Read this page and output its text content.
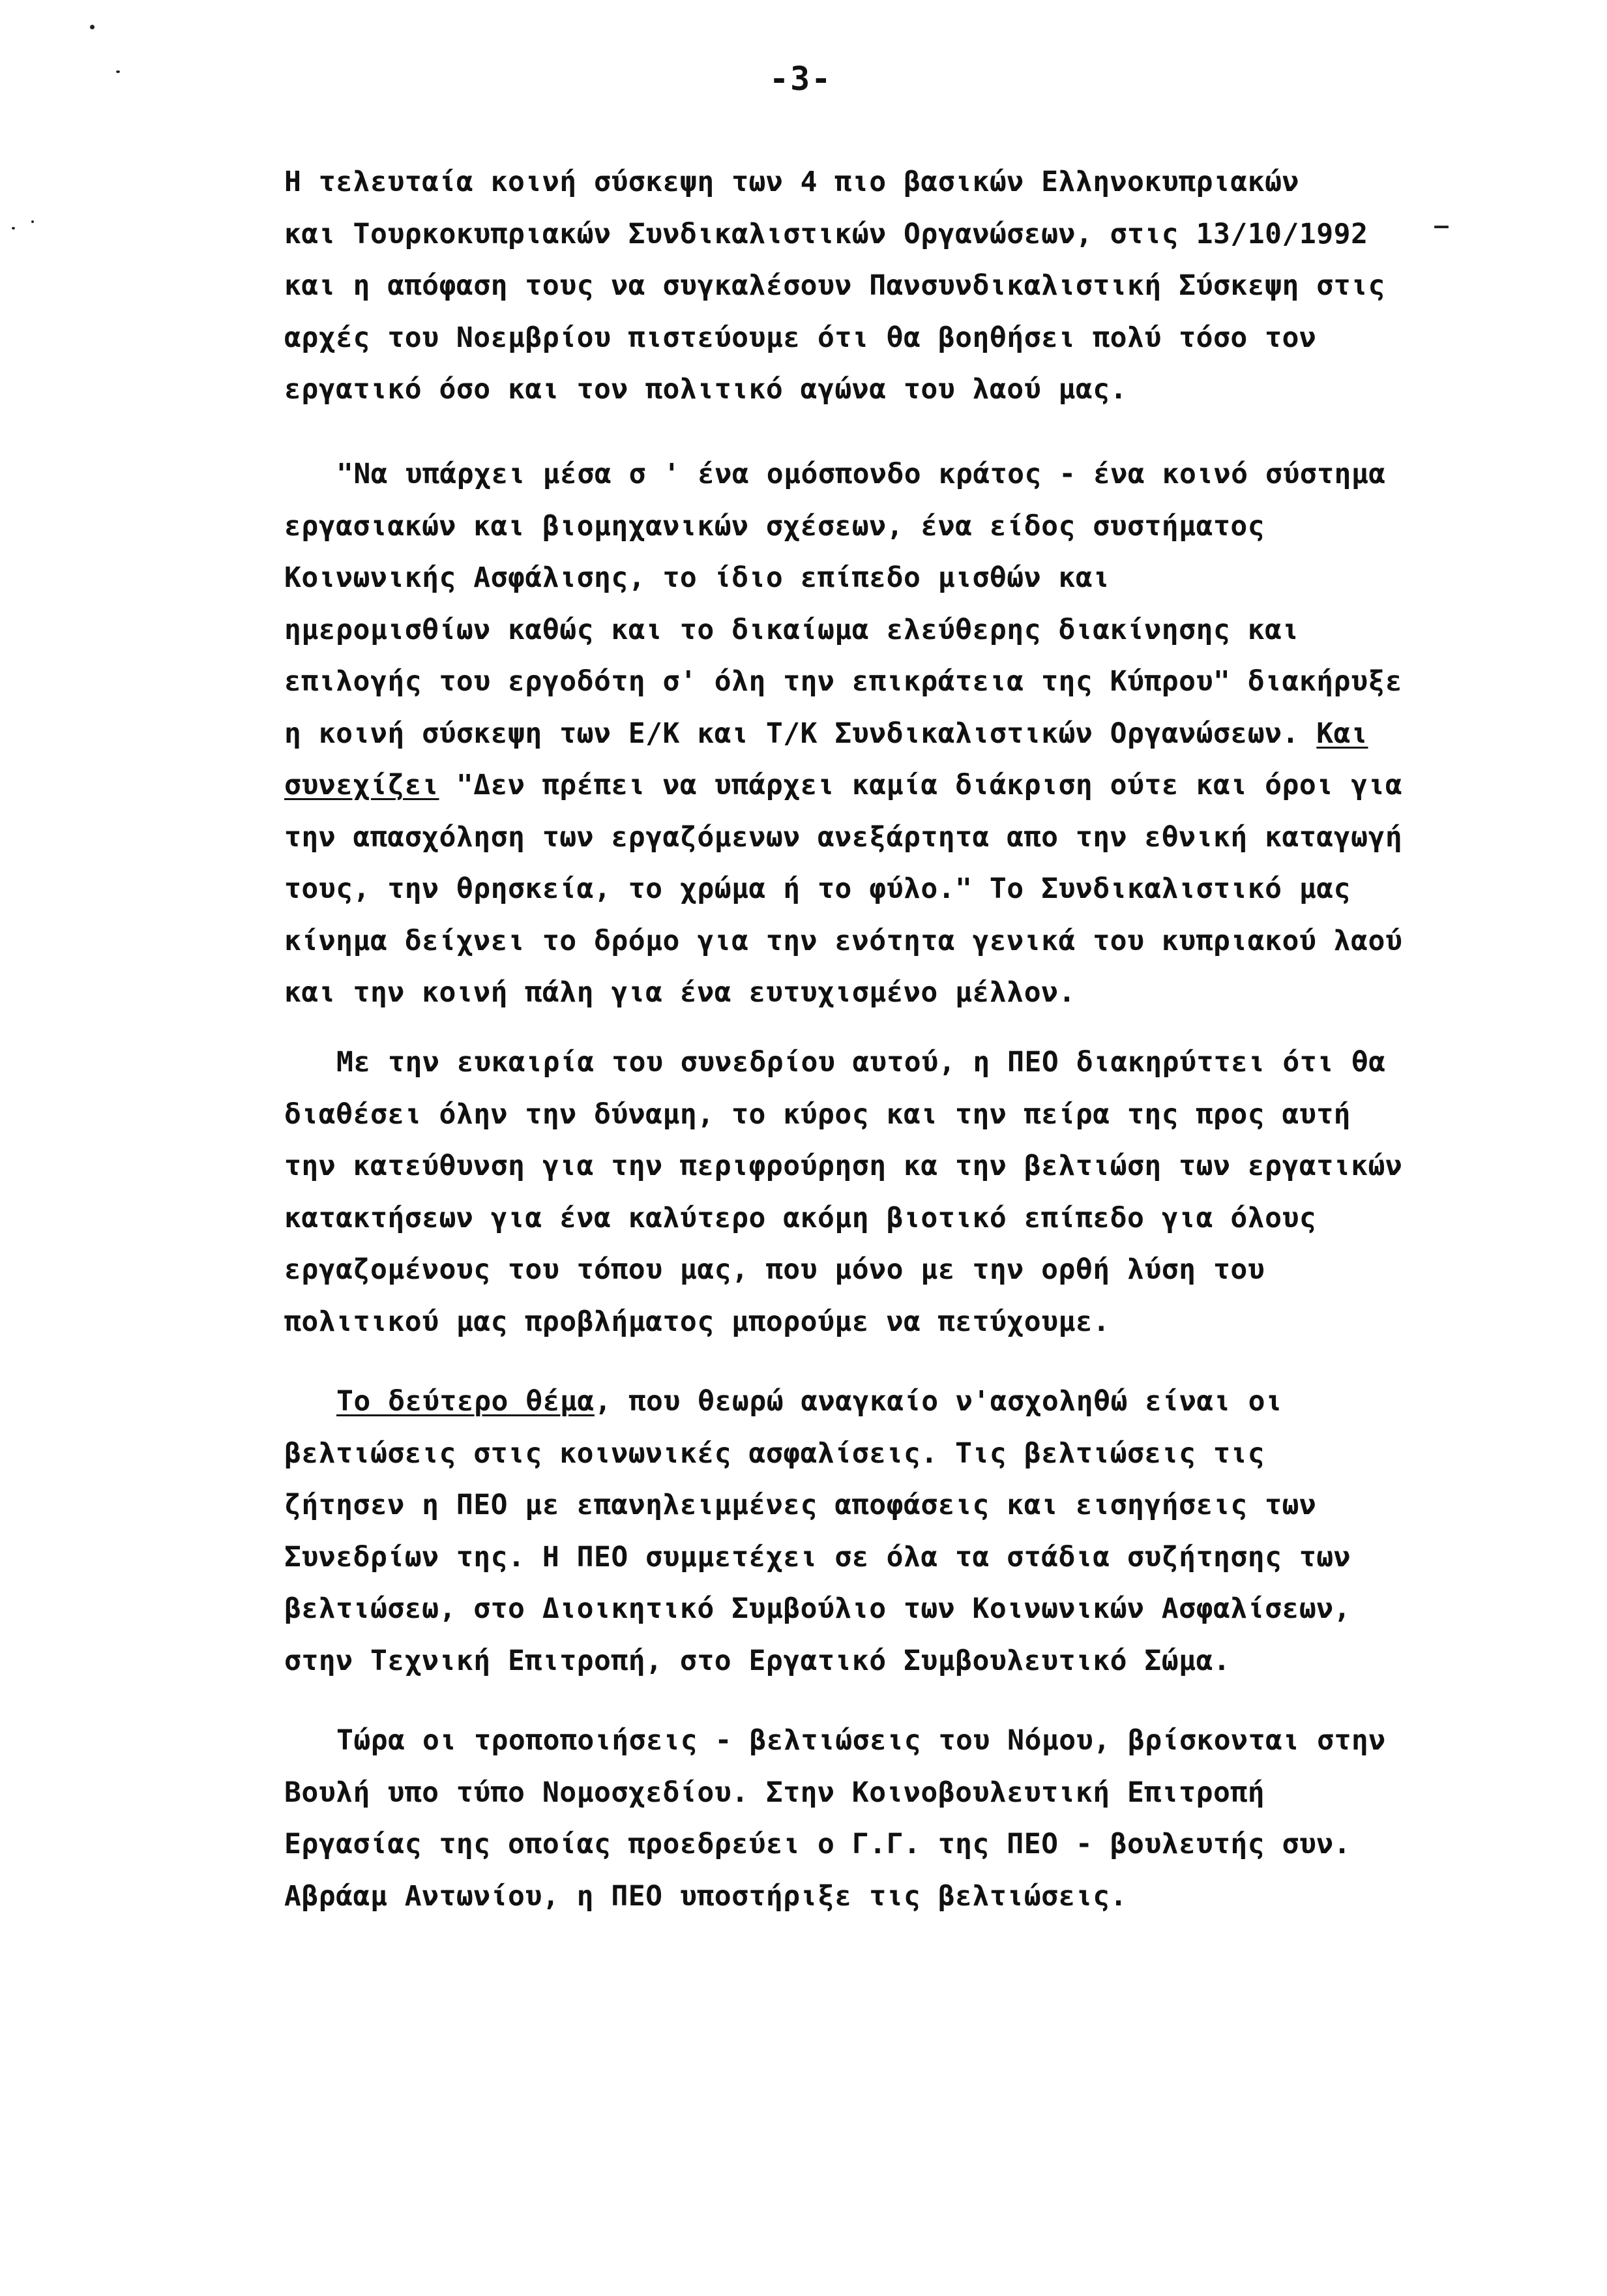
-3-
Η τελευταία κοινή σύσκεψη των 4 πιο βασικών Ελληνοκυπριακών
και Τουρκοκυπριακών Συνδικαλιστικών Οργανώσεων, στις 13/10/1992
και η απόφαση τους να συγκαλέσουν Πανσυνδικαλιστική Σύσκεψη στις
αρχές του Νοεμβρίου πιστεύουμε ότι θα βοηθήσει πολύ τόσο τον
εργατικό όσο και τον πολιτικό αγώνα του λαού μας.
"Να υπάρχει μέσα σ ' ένα ομόσπονδο κράτος - ένα κοινό σύστημα
εργασιακών και βιομηχανικών σχέσεων, ένα είδος συστήματος
Κοινωνικής Ασφάλισης, το ίδιο επίπεδο μισθών και
ημερομισθίων καθώς και το δικαίωμα ελεύθερης διακίνησης και
επιλογής του εργοδότη σ' όλη την επικράτεια της Κύπρου" διακήρυξε
η κοινή σύσκεψη των Ε/Κ και Τ/Κ Συνδικαλιστικών Οργανώσεων. Και
συνεχίζει "Δεν πρέπει να υπάρχει καμία διάκριση ούτε και όροι για
την απασχόληση των εργαζόμενων ανεξάρτητα απο την εθνική καταγωγή
τους, την θρησκεία, το χρώμα ή το φύλο." Το Συνδικαλιστικό μας
κίνημα δείχνει το δρόμο για την ενότητα γενικά του κυπριακού λαού
και την κοινή πάλη για ένα ευτυχισμένο μέλλον.
Με την ευκαιρία του συνεδρίου αυτού, η ΠΕΟ διακηρύττει ότι θα
διαθέσει όλην την δύναμη, το κύρος και την πείρα της προς αυτή
την κατεύθυνση για την περιφρούρηση κα την βελτιώση των εργατικών
κατακτήσεων για ένα καλύτερο ακόμη βιοτικό επίπεδο για όλους
εργαζομένους του τόπου μας, που μόνο με την ορθή λύση του
πολιτικού μας προβλήματος μπορούμε να πετύχουμε.
Το δεύτερο θέμα, που θεωρώ αναγκαίο ν'ασχοληθώ είναι οι
βελτιώσεις στις κοινωνικές ασφαλίσεις. Τις βελτιώσεις τις
ζήτησεν η ΠΕΟ με επανηλειμμένες αποφάσεις και εισηγήσεις των
Συνεδρίων της. Η ΠΕΟ συμμετέχει σε όλα τα στάδια συζήτησης των
βελτιώσεω, στο Διοικητικό Συμβούλιο των Κοινωνικών Ασφαλίσεων,
στην Τεχνική Επιτροπή, στο Εργατικό Συμβουλευτικό Σώμα.
Τώρα οι τροποποιήσεις - βελτιώσεις του Νόμου, βρίσκονται στην
Βουλή υπο τύπο Νομοσχεδίου. Στην Κοινοβουλευτική Επιτροπή
Εργασίας της οποίας προεδρεύει ο Γ.Γ. της ΠΕΟ - βουλευτής συν.
Αβράαμ Αντωνίου, η ΠΕΟ υποστήριξε τις βελτιώσεις.
